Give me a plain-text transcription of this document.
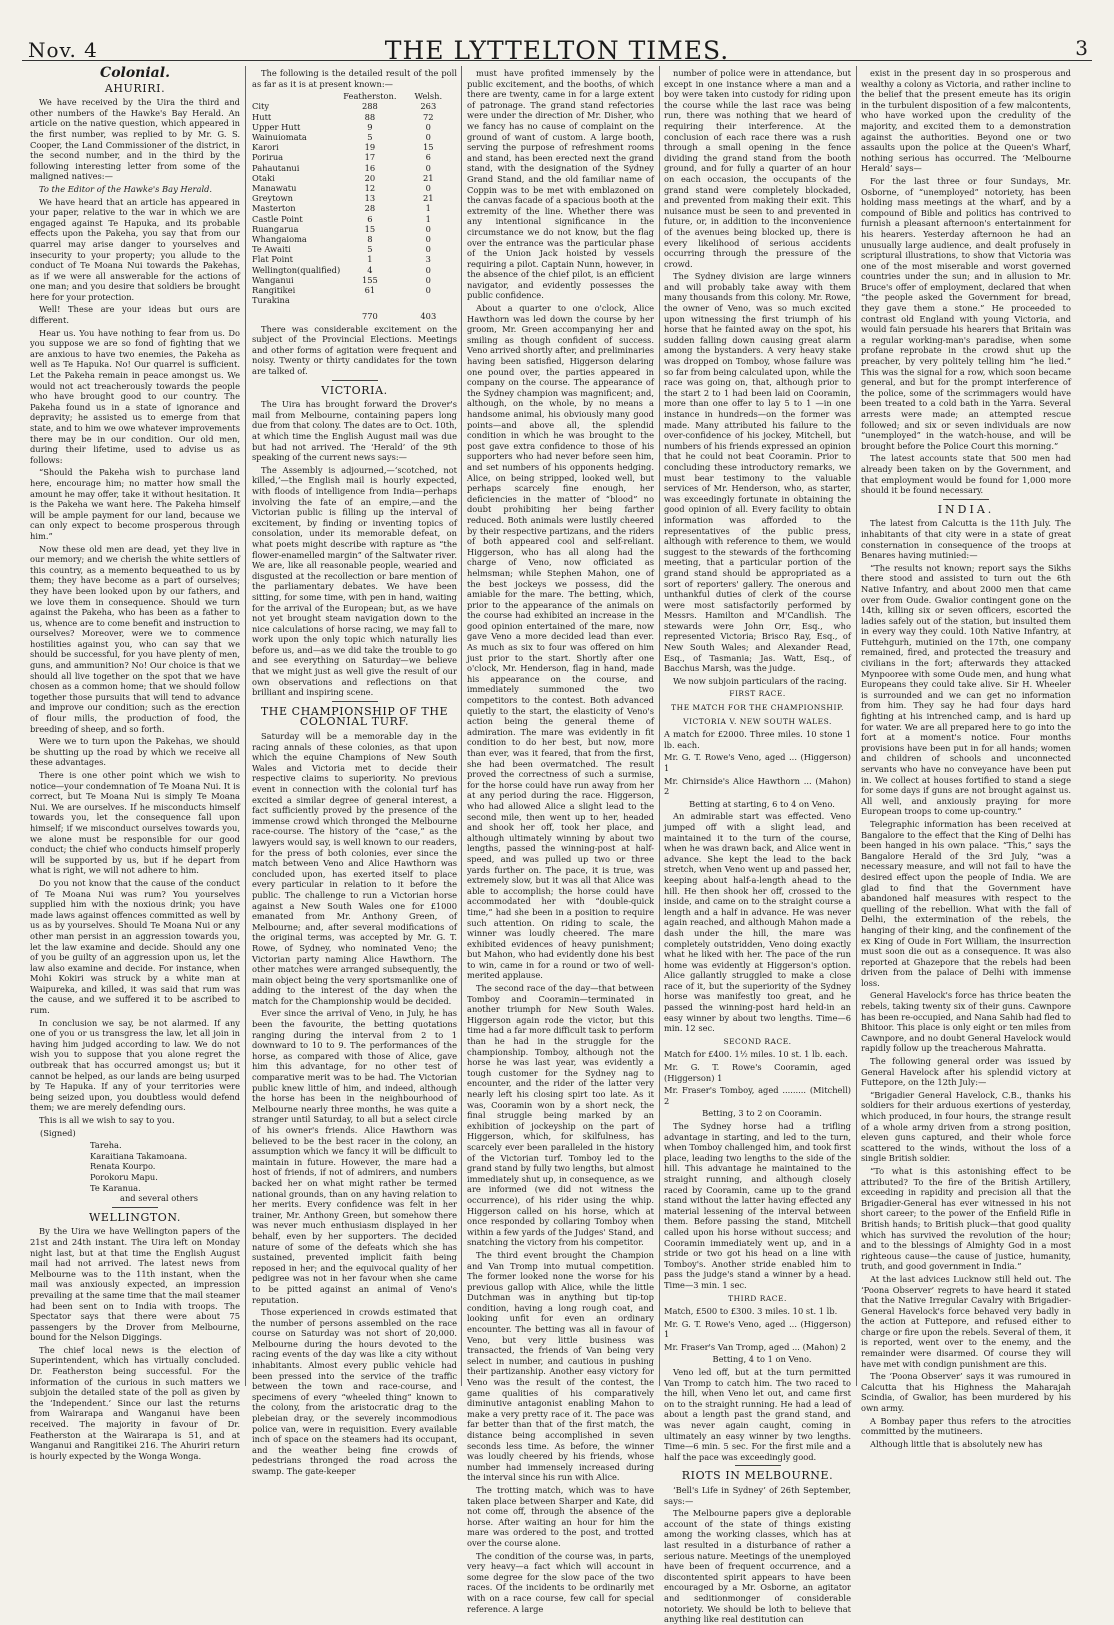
Nov. 4	THE LYTTELTON TIMES.	3
Colonial.
AHURIRI.

We have received by the Uira the third and other numbers of the Hawke's Bay Herald. An article on the native question, which appeared in the first number, was replied to by Mr. G. S. Cooper, the Land Commissioner of the district, in the second number, and in the third by the following interesting letter from some of the maligned natives:—

To the Editor of the Hawke's Bay Herald.

We have heard that an article has appeared in your paper, relative to the war in which we are engaged against Te Hapuka, and its probable effects upon the Pakeha, you say that from our quarrel may arise danger to yourselves and insecurity to your property; you allude to the conduct of Te Moana Nui towards the Pakehas, as if we were all answerable for the actions of one man; and you desire that soldiers be brought here for your protection.

Well! These are your ideas but ours are different.

Hear us. You have nothing to fear from us. Do you suppose we are so fond of fighting that we are anxious to have two enemies, the Pakeha as well as Te Hapuka. No! Our quarrel is sufficient. Let the Pakeha remain in peace amongst us. We would not act treacherously towards the people who have brought good to our country. The Pakeha found us in a state of ignorance and depravity; he assisted us to emerge from that state, and to him we owe whatever improvements there may be in our condition. Our old men, during their lifetime, used to advise us as follows:

“Should the Pakeha wish to purchase land here, encourage him; no matter how small the amount he may offer, take it without hesitation. It is the Pakeha we want here. The Pakeha himself will be ample payment for our land, because we can only expect to become prosperous through him.”

Now these old men are dead, yet they live in our memory; and we cherish the white settlers of this country, as a memento bequeathed to us by them; they have become as a part of ourselves; they have been looked upon by our fathers, and we love them in consequence. Should we turn against the Pakeha, who has been as a father to us, whence are to come benefit and instruction to ourselves? Moreover, were we to commence hostilities against you, who can say that we should be successful, for you have plenty of men, guns, and ammunition? No! Our choice is that we should all live together on the spot that we have chosen as a common home; that we should follow together those pursuits that will tend to advance and improve our condition; such as the erection of flour mills, the production of food, the breeding of sheep, and so forth.

Were we to turn upon the Pakehas, we should be shutting up the road by which we receive all these advantages.

There is one other point which we wish to notice—your condemnation of Te Moana Nui. It is correct, but Te Moana Nui is simply Te Moana Nui. We are ourselves. If he misconducts himself towards you, let the consequence fall upon himself; if we misconduct ourselves towards you, we alone must be responsible for our good conduct; the chief who conducts himself properly will be supported by us, but if he depart from what is right, we will not adhere to him.

Do you not know that the cause of the conduct of Te Moana Nui was rum? You yourselves supplied him with the noxious drink; you have made laws against offences committed as well by us as by yourselves. Should Te Moana Nui or any other man persist in an aggression towards you, let the law examine and decide. Should any one of you be guilty of an aggression upon us, let the law also examine and decide. For instance, when Mohi Kokiri was struck by a white man at Waipureka, and killed, it was said that rum was the cause, and we suffered it to be ascribed to rum.

In conclusion we say, be not alarmed. If any one of you or us transgress the law, let all join in having him judged according to law. We do not wish you to suppose that you alone regret the outbreak that has occurred amongst us; but it cannot be helped, as our lands are being usurped by Te Hapuka. If any of your territories were being seized upon, you doubtless would defend them; we are merely defending ours.

This is all we wish to say to you.

(Signed)

Tareha.

Karaitiana Takamoana.

Renata Kourpo.

Porokoru Mapu.

Te Karanua.

and several others

WELLINGTON.

By the Uira we have Wellington papers of the 21st and 24th instant. The Uira left on Monday night last, but at that time the English August mail had not arrived. The latest news from Melbourne was to the 11th instant, when the mail was anxiously expected, an impression prevailing at the same time that the mail steamer had been sent on to India with troops. The Spectator says that there were about 75 passengers by the Drover from Melbourne, bound for the Nelson Diggings.

The chief local news is the election of Superintendent, which has virtually concluded. Dr. Featherston being successful. For the information of the curious in such matters we subjoin the detailed state of the poll as given by the ‘Independent.’ Since our last the returns from Wairarapa and Wanganui have been received. The majority in favour of Dr. Featherston at the Wairarapa is 51, and at Wanganui and Rangitikei 216. The Ahuriri return is hourly expected by the Wonga Wonga.

The following is the detailed result of the poll as far as it is at present known:—

	Featherston.	Welsh.
City	288	263
Hutt	88	72
Upper Hutt	9	0
Wainuiomata	5	0
Karori	19	15
Porirua	17	6
Pahautanui	16	0
Otaki	20	21
Manawatu	12	0
Greytown	13	21
Masterton	28	1
Castle Point	6	1
Ruangarua	15	0
Whangaioma	8	0
Te Awaiti	5	0
Flat Point	1	3
Wellington(qualified)	4	0
Wanganui	155	0
Rangitikei	61	0
Turakina		
	770	403

There was considerable excitement on the subject of the Provincial Elections. Meetings and other forms of agitation were frequent and noisy. Twenty or thirty candidates for the town are talked of.

VICTORIA.

The Uira has brought forward the Drover's mail from Melbourne, containing papers long due from that colony. The dates are to Oct. 10th, at which time the English August mail was due but had not arrived. The ‘Herald’ of the 9th speaking of the current news says:—

The Assembly is adjourned,—‘scotched, not killed,’—the English mail is hourly expected, with floods of intelligence from India—perhaps involving the fate of an empire,—and the Victorian public is filling up the interval of excitement, by finding or inventing topics of consolation, under its memorable defeat, on what poets might describe with rapture as “the flower-enamelled margin” of the Saltwater river. We are, like all reasonable people, wearied and disgusted at the recollection or bare mention of the parliamentary debates. We have been sitting, for some time, with pen in hand, waiting for the arrival of the European; but, as we have not yet brought steam navigation down to the nice calculations of horse racing, we may fall to work upon the only topic which naturally lies before us, and—as we did take the trouble to go and see everything on Saturday—we believe that we might just as well give the result of our own observations and reflections on that brilliant and inspiring scene.

THE CHAMPIONSHIP OF THE COLONIAL TURF.

Saturday will be a memorable day in the racing annals of these colonies, as that upon which the equine Champions of New South Wales and Victoria met to decide their respective claims to superiority. No previous event in connection with the colonial turf has excited a similar degree of general interest, a fact sufficiently proved by the presence of the immense crowd which thronged the Melbourne race-course. The history of the “case,” as the lawyers would say, is well known to our readers, for the press of both colonies, ever since the match between Veno and Alice Hawthorn was concluded upon, has exerted itself to place every particular in relation to it before the public. The challenge to run a Victorian horse against a New South Wales one for £1000 emanated from Mr. Anthony Green, of Melbourne; and, after several modifications of the original terms, was accepted by Mr. G. T. Rowe, of Sydney, who nominated Veno; the Victorian party naming Alice Hawthorn. The other matches were arranged subsequently, the main object being the very sportsmanlike one of adding to the interest of the day when the match for the Championship would be decided.

Ever since the arrival of Veno, in July, he has been the favourite, the betting quotations ranging during the interval from 2 to 1 downward to 10 to 9. The performances of the horse, as compared with those of Alice, gave him this advantage, for no other test of comparative merit was to be had. The Victorian public knew little of him, and indeed, although the horse has been in the neighbourhood of Melbourne nearly three months, he was quite a stranger until Saturday, to all but a select circle of his owner's friends. Alice Hawthorn was believed to be the best racer in the colony, an assumption which we fancy it will be difficult to maintain in future. However, the mare had a host of friends, if not of admirers, and numbers backed her on what might rather be termed national grounds, than on any having relation to her merits. Every confidence was felt in her trainer, Mr. Anthony Green, but somehow there was never much enthusiasm displayed in her behalf, even by her supporters. The decided nature of some of the defeats which she has sustained, prevented implicit faith being reposed in her; and the equivocal quality of her pedigree was not in her favour when she came to be pitted against an animal of Veno's reputation.

Those experienced in crowds estimated that the number of persons assembled on the race course on Saturday was not short of 20,000. Melbourne during the hours devoted to the racing events of the day was like a city without inhabitants. Almost every public vehicle had been pressed into the service of the traffic between the town and race-course, and specimens of every “wheeled thing” known to the colony, from the aristocratic drag to the plebeian dray, or the severely incommodious police van, were in requisition. Every available inch of space on the steamers had its occupant, and the weather being fine crowds of pedestrians thronged the road across the swamp. The gate-keeper

must have profited immensely by the public excitement, and the booths, of which there are twenty, came in for a large extent of patronage. The grand stand refectories were under the direction of Mr. Disher, who we fancy has no cause of complaint on the ground of want of custom. A large booth, serving the purpose of refreshment rooms and stand, has been erected next the grand stand, with the designation of the Sydney Grand Stand, and the old familiar name of Coppin was to be met with emblazoned on the canvas facade of a spacious booth at the extremity of the line. Whether there was any intentional significance in the circumstance we do not know, but the flag over the entrance was the particular phase of the Union Jack hoisted by vessels requiring a pilot. Captain Nunn, however, in the absence of the chief pilot, is an efficient navigator, and evidently possesses the public confidence.

About a quarter to one o'clock, Alice Hawthorn was led down the course by her groom, Mr. Green accompanying her and smiling as though confident of success. Veno arrived shortly after, and preliminaries having been satisfied, Higgerson delaring one pound over, the parties appeared in company on the course. The appearance of the Sydney champion was magnificent; and, although, on the whole, by no means a handsome animal, his obviously many good points—and above all, the splendid condition in which he was brought to the post gave extra confidence to those of his supporters who had never before seen him, and set numbers of his opponents hedging. Alice, on being stripped, looked well, but perhaps scarcely fine enough, her deficiencies in the matter of “blood” no doubt prohibiting her being farther reduced. Both animals were lustily cheered by their respective partizans, and the riders of both appeared cool and self-reliant. Higgerson, who has all along had the charge of Veno, now officiated as helmsman; while Stephen Mahon, one of the best jockeys we possess, did the amiable for the mare. The betting, which, prior to the appearance of the animals on the course had exhibited an increase in the good opinion entertained of the mare, now gave Veno a more decided lead than ever. As much as six to four was offered on him just prior to the start. Shortly after one o'clock, Mr. Henderson, flag in hand, made his appearance on the course, and immediately summoned the two competitors to the contest. Both advanced quietly to the start, the elasticity of Veno's action being the general theme of admiration. The mare was evidently in fit condition to do her best, but now, more than ever, was it feared, that from the first, she had been overmatched. The result proved the correctness of such a surmise, for the horse could have run away from her at any period during the race. Higgerson, who had allowed Alice a slight lead to the second mile, then went up to her, headed and shook her off, took her place, and although ultimately winning by about two lengths, passed the winning-post at half-speed, and was pulled up two or three yards further on. The pace, it is true, was extremely slow, but it was all that Alice was able to accomplish; the horse could have accommodated her with “double-quick time,” had she been in a position to require such attention. On riding to scale, the winner was loudly cheered. The mare exhibited evidences of heavy punishment; but Mahon, who had evidently done his best to win, came in for a round or two of well-merited applause.

The second race of the day—that between Tomboy and Cooramin—terminated in another triumph for New South Wales. Higgerson again rode the victor, but this time had a far more difficult task to perform than he had in the struggle for the championship. Tomboy, although not the horse he was last year, was evidently a tough customer for the Sydney nag to encounter, and the rider of the latter very nearly left his closing spirt too late. As it was, Cooramin won by a short neck, the final struggle being marked by an exhibition of jockeyship on the part of Higgerson, which, for skilfulness, has scarcely ever been paralleled in the history of the Victorian turf. Tomboy led to the grand stand by fully two lengths, but almost immediately shut up, in consequence, as we are informed (we did not witness the occurrence), of his rider using the whip. Higgerson called on his horse, which at once responded by collaring Tomboy when within a few yards of the Judges' Stand, and snatching the victory from his competitor.

The third event brought the Champion and Van Tromp into mutual competition. The former looked none the worse for his previous gallop with Alice, while the little Dutchman was in anything but tip-top condition, having a long rough coat, and looking unfit for even an ordinary encounter. The betting was all in favour of Veno, but very little business was transacted, the friends of Van being very select in number, and cautious in pushing their partizanship. Another easy victory for Veno was the result of the contest, the game qualities of his comparatively diminutive antagonist enabling Mahon to make a very pretty race of it. The pace was far better than that of the first match, the distance being accomplished in seven seconds less time. As before, the winner was loudly cheered by his friends, whose number had immensely increased during the interval since his run with Alice.

The trotting match, which was to have taken place between Sharper and Kate, did not come off, through the absence of the horse. After waiting an hour for him the mare was ordered to the post, and trotted over the course alone.

The condition of the course was, in parts, very heavy—a fact which will account in some degree for the slow pace of the two races. Of the incidents to be ordinarily met with on a race course, few call for special reference. A large

number of police were in attendance, but except in one instance where a man and a boy were taken into custody for riding upon the course while the last race was being run, there was nothing that we heard of requiring their interference. At the conclusion of each race there was a rush through a small opening in the fence dividing the grand stand from the booth ground, and for fully a quarter of an hour on each occasion, the occupants of the grand stand were completely blockaded, and prevented from making their exit. This nuisance must be seen to and prevented in future, or, in addition to the inconvenience of the avenues being blocked up, there is every likelihood of serious accidents occurring through the pressure of the crowd.

The Sydney division are large winners and will probably take away with them many thousands from this colony. Mr. Rowe, the owner of Veno, was so much excited upon witnessing the first triumph of his horse that he fainted away on the spot, his sudden falling down causing great alarm among the bystanders. A very heavy stake was dropped on Tomboy, whose failure was so far from being calculated upon, while the race was going on, that, although prior to the start 2 to 1 had been laid on Cooramin, more than one offer to lay 5 to 1 —in one instance in hundreds—on the former was made. Many attributed his failure to the over-confidence of his jockey, Mitchell, but numbers of his friends expressed an opinion that he could not beat Cooramin. Prior to concluding these introductory remarks, we must bear testimony to the valuable services of Mr. Henderson, who, as starter, was exceedingly fortunate in obtaining the good opinion of all. Every facility to obtain information was afforded to the representatives of the public press, although with reference to them, we would suggest to the stewards of the forthcoming meeting, that a particular portion of the grand stand should be appropriated as a sort of reporters' gallery. The onerous and unthankful duties of clerk of the course were most satisfactorily performed by Messrs. Hamilton and M'Candlish. The stewards were John Orr, Esq., who represented Victoria; Brisco Ray, Esq., of New South Wales; and Alexander Read, Esq., of Tasmania; Jas. Watt, Esq., of Bacchus Marsh, was the judge.

We now subjoin particulars of the racing.

FIRST RACE.
THE MATCH FOR THE CHAMPIONSHIP.
VICTORIA V. NEW SOUTH WALES.

A match for £2000. Three miles. 10 stone 1 lb. each.

Mr. G. T. Rowe's Veno, aged ... (Higgerson) 1

Mr. Chirnside's Alice Hawthorn ... (Mahon) 2

Betting at starting, 6 to 4 on Veno.

An admirable start was effected. Veno jumped off with a slight lead, and maintained it to the turn of the course, when he was drawn back, and Alice went in advance. She kept the lead to the back stretch, when Veno went up and passed her, keeping about half-a-length ahead to the hill. He then shook her off, crossed to the inside, and came on to the straight course a length and a half in advance. He was never again reached, and although Mahon made a dash under the hill, the mare was completely outstridden, Veno doing exactly what he liked with her. The pace of the run home was evidently at Higgerson's option. Alice gallantly struggled to make a close race of it, but the superiority of the Sydney horse was manifestly too great, and he passed the winning-post hard held-in an easy winner by about two lengths. Time—6 min. 12 sec.

SECOND RACE.

Match for £400. 1½ miles. 10 st. 1 lb. each.

Mr. G. T. Rowe's Cooramin, aged (Higgerson) 1

Mr. Fraser's Tomboy, aged ......... (Mitchell) 2

Betting, 3 to 2 on Cooramin.

The Sydney horse had a trifling advantage in starting, and led to the turn, when Tomboy challenged him, and took first place, leading two lengths to the side of the hill. This advantage he maintained to the straight running, and although closely raced by Cooramin, came up to the grand stand without the latter having effected any material lessening of the interval between them. Before passing the stand, Mitchell called upon his horse without success; and Cooramin immediately went up, and in a stride or two got his head on a line with Tomboy's. Another stride enabled him to pass the judge's stand a winner by a head. Time—3 min. 1 sec.

THIRD RACE.

Match, £500 to £300. 3 miles. 10 st. 1 lb.

Mr. G. T. Rowe's Veno, aged ... (Higgerson) 1

Mr. Fraser's Van Tromp, aged ... (Mahon) 2

Betting, 4 to 1 on Veno.

Veno led off, but at the turn permitted Van Tromp to catch him. The two raced to the hill, when Veno let out, and came first on to the straight running. He had a lead of about a length past the grand stand, and was never again caught, coming in ultimately an easy winner by two lengths. Time—6 min. 5 sec. For the first mile and a half the pace was exceedingly good.

RIOTS IN MELBOURNE.

‘Bell's Life in Sydney’ of 26th September, says:—

The Melbourne papers give a deplorable account of the state of things existing among the working classes, which has at last resulted in a disturbance of rather a serious nature. Meetings of the unemployed have been of frequent occurrence, and a discontented spirit appears to have been encouraged by a Mr. Osborne, an agitator and seditionmonger of considerable notoriety. We should be loth to believe that anything like real destitution can

exist in the present day in so prosperous and wealthy a colony as Victoria, and rather incline to the belief that the present emeute has its origin in the turbulent disposition of a few malcontents, who have worked upon the credulity of the majority, and excited them to a demonstration against the authorities. Beyond one or two assaults upon the police at the Queen's Wharf, nothing serious has occurred. The ‘Melbourne Herald’ says—

For the last three or four Sundays, Mr. Osborne, of “unemployed” notoriety, has been holding mass meetings at the wharf, and by a compound of Bible and politics has contrived to furnish a pleasant afternoon's entertainment for his hearers. Yesterday afternoon he had an unusually large audience, and dealt profusely in scriptural illustrations, to show that Victoria was one of the most miserable and worst governed countries under the sun; and in allusion to Mr. Bruce's offer of employment, declared that when “the people asked the Government for bread, they gave them a stone.” He proceeded to contrast old England with young Victoria, and would fain persuade his hearers that Britain was a regular working-man's paradise, when some profane reprobate in the crowd shut up the preacher, by very politely telling him “he lied.” This was the signal for a row, which soon became general, and but for the prompt interference of the police, some of the scrimmagers would have been treated to a cold bath in the Yarra. Several arrests were made; an attempted rescue followed; and six or seven individuals are now “unemployed” in the watch-house, and will be brought before the Police Court this morning.”

The latest accounts state that 500 men had already been taken on by the Government, and that employment would be found for 1,000 more should it be found necessary.

INDIA.

The latest from Calcutta is the 11th July. The inhabitants of that city were in a state of great consternation in consequence of the troops at Benares having mutinied:—

“The results not known; report says the Sikhs there stood and assisted to turn out the 6th Native Infantry, and about 2000 men that came over from Oude. Gwalior contingent gone on the 14th, killing six or seven officers, escorted the ladies safely out of the station, but insulted them in every way they could. 10th Native Infantry, at Futtehgurh, mutinied on the 17th, one company remained, fired, and protected the treasury and civilians in the fort; afterwards they attacked Mynpooree with some Oude men, and hung what Europeans they could take alive. Sir H. Wheeler is surrounded and we can get no information from him. They say he had four days hard fighting at his intrenched camp, and is hard up for water. We are all prepared here to go into the fort at a moment's notice. Four months provisions have been put in for all hands; women and children of schools and unconnected servants who have no conveyance have been put in. We collect at houses fortified to stand a siege for some days if guns are not brought against us. All well, and anxiously praying for more European troops to come up-country.”

Telegraphic information has been received at Bangalore to the effect that the King of Delhi has been hanged in his own palace. “This,” says the Bangalore Herald of the 3rd July, “was a necessary measure, and will not fail to have the desired effect upon the people of India. We are glad to find that the Government have abandoned half measures with respect to the quelling of the rebellion. What with the fall of Delhi, the extermination of the rebels, the hanging of their king, and the confinement of the ex King of Oude in Fort William, the insurrection must soon die out as a consequence. It was also reported at Ghazepore that the rebels had been driven from the palace of Delhi with immense loss.

General Havelock's force has thrice beaten the rebels, taking twenty six of their guns. Cawnpore has been re-occupied, and Nana Sahib had fled to Bhitoor. This place is only eight or ten miles from Cawnpore, and no doubt General Havelock would rapidly follow up the treacherous Mahratta.

The following general order was issued by General Havelock after his splendid victory at Futtepore, on the 12th July:—

“Brigadier General Havelock, C.B., thanks his soldiers for their arduous exertions of yesterday, which produced, in four hours, the strange result of a whole army driven from a strong position, eleven guns captured, and their whole force scattered to the winds, without the loss of a single British soldier.

“To what is this astonishing effect to be attributed? To the fire of the British Artillery, exceeding in rapidity and precision all that the Brigadier-General has ever witnessed in his not short career; to the power of the Enfield Rifle in British hands; to British pluck—that good quality which has survived the revolution of the hour; and to the blessings of Almighty God in a most righteous cause—the cause of justice, humanity, truth, and good government in India.”

At the last advices Lucknow still held out. The ‘Poona Observer’ regrets to have heard it stated that the Native Irregular Cavalry with Brigadier-General Havelock's force behaved very badly in the action at Futtepore, and refused either to charge or fire upon the rebels. Several of them, it is reported, went over to the enemy, and the remainder were disarmed. Of course they will have met with condign punishment are this.

The ‘Poona Observer’ says it was rumoured in Calcutta that his Highness the Maharajah Scindia, of Gwalior, has been murdered by his own army.

A Bombay paper thus refers to the atrocities committed by the mutineers.

Although little that is absolutely new has
